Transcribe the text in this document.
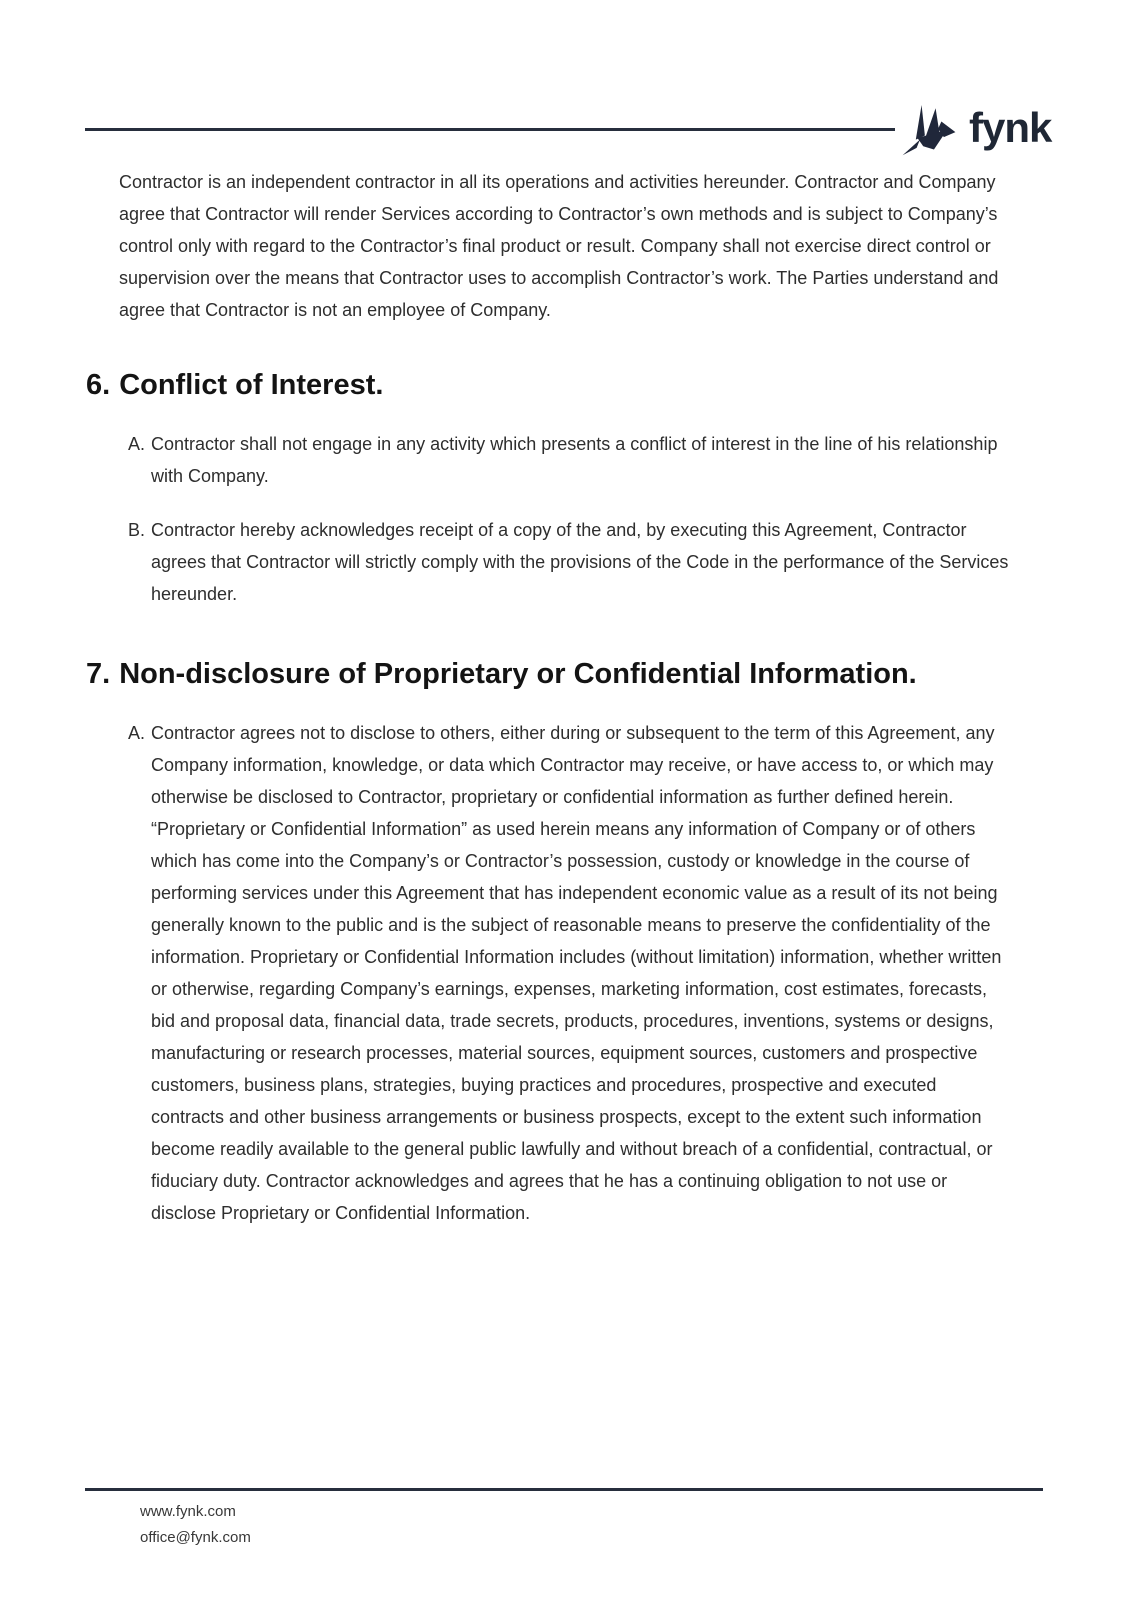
fynk

Contractor is an independent contractor in all its operations and activities hereunder. Contractor and Company agree that Contractor will render Services according to Contractor’s own methods and is subject to Company’s control only with regard to the Contractor’s final product or result. Company shall not exercise direct control or supervision over the means that Contractor uses to accomplish Contractor’s work. The Parties understand and agree that Contractor is not an employee of Company.

6. Conflict of Interest.
A. Contractor shall not engage in any activity which presents a conflict of interest in the line of his relationship with Company.
B. Contractor hereby acknowledges receipt of a copy of the and, by executing this Agreement, Contractor agrees that Contractor will strictly comply with the provisions of the Code in the performance of the Services hereunder.
7. Non-disclosure of Proprietary or Confidential Information.
A. Contractor agrees not to disclose to others, either during or subsequent to the term of this Agreement, any Company information, knowledge, or data which Contractor may receive, or have access to, or which may otherwise be disclosed to Contractor, proprietary or confidential information as further defined herein. “Proprietary or Confidential Information” as used herein means any information of Company or of others which has come into the Company’s or Contractor’s possession, custody or knowledge in the course of performing services under this Agreement that has independent economic value as a result of its not being generally known to the public and is the subject of reasonable means to preserve the confidentiality of the information. Proprietary or Confidential Information includes (without limitation) information, whether written or otherwise, regarding Company’s earnings, expenses, marketing information, cost estimates, forecasts, bid and proposal data, financial data, trade secrets, products, procedures, inventions, systems or designs, manufacturing or research processes, material sources, equipment sources, customers and prospective customers, business plans, strategies, buying practices and procedures, prospective and executed contracts and other business arrangements or business prospects, except to the extent such information become readily available to the general public lawfully and without breach of a confidential, contractual, or fiduciary duty. Contractor acknowledges and agrees that he has a continuing obligation to not use or disclose Proprietary or Confidential Information.
www.fynk.com
office@fynk.com
